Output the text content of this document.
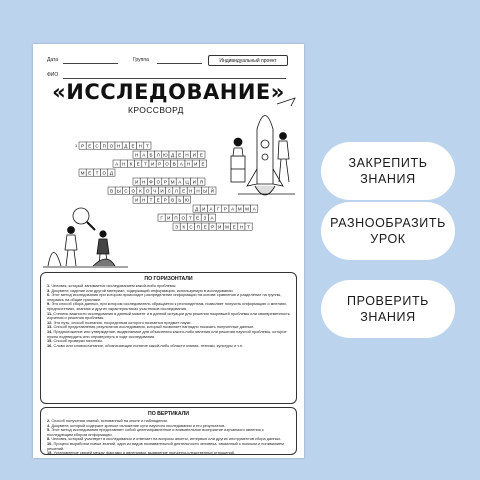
Дата	Группа	Индивидуальный проект
ФИО
«ИССЛЕДОВАНИЕ»
КРОССВОРД
Р Е С П О Н Д Е Н Т
1
Н А Б Л Ю Д Е Н И Е
А Н К Е Т И Р О В А Н И Е
М Е Т О Д
И Н Ф О Р М А Ц И Я
В Ы С О К О Ч И С Л Е Н Н Ы Й
И Н Т Е Р В Ь Ю
Д И А Г Р А М М А
Г И П О Т Е З А
Э К С П Е Р И М Е Н Т
ПО ГОРИЗОНТАЛИ
1. Человек, который занимается исследованием какой-либо проблемы.
3. Документ, изделие или другой материал, содержащий информацию, используемую в исследовании.
6. Этот метод исследования при котором происходит распределение информации на основе сравнения и разделение на группы, опираясь на общие признаки.
9. Это способ сбора данных, при котором исследователь обращается к респондентам, позволяет получить информацию о мнениях, предпочтениях, знаниях и других характеристиках участников исследования.
11. Степень важности исследования в данный момент и в данной ситуации для решения назревшей проблемы или своевременность изучения и решения проблемы.
12. Это путь, способ познания, посредством которого познается предмет науки.
13. Способ представления результатов исследования, который позволяет наглядно показать полученные данные.
14. Предположение или утверждение, выдвигаемое для объяснения какого-либо явления или решения научной проблемы, которое нужно подтвердить или опровергнуть в ходе исследования.
15. Способ проверки гипотезы.
16. Слово или словосочетание, обозначающее понятие какой-либо области знания, техники, культуры и т.п.
ПО ВЕРТИКАЛИ
2. Способ получения знаний, основанный на опыте и наблюдении.
4. Документ, который содержит краткое изложение сути научного исследования и его результатов.
5. Этот метод исследования представляет собой целенаправленное и внимательное восприятие изучаемого явления с последующим сбором информации.
8. Человек, который участвует в исследовании и отвечает на вопросы анкеты, интервью или других инструментов сбора данных.
10. Процесс выработки новых знаний, один из видов познавательной деятельности человека, связанный с поиском и пониманием решений.
15. Установление связей между фактами и явлениями, выявление причинно-следственных отношений.
ЗАКРЕПИТЬ
ЗНАНИЯ
РАЗНООБРАЗИТЬ
УРОК
ПРОВЕРИТЬ
ЗНАНИЯ
